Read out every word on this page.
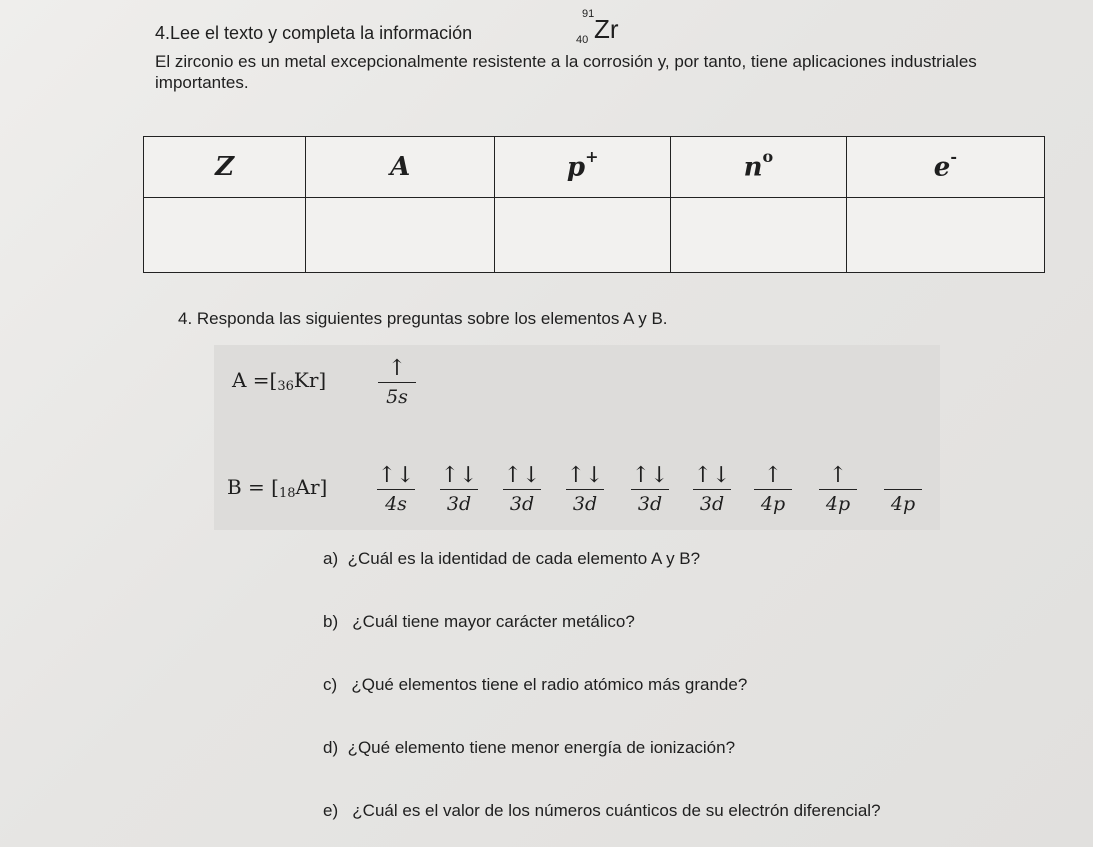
4.Lee el texto y completa la información
91
40 Zr
El zirconio es un metal excepcionalmente resistente a la corrosión y, por tanto, tiene aplicaciones industriales importantes.
Z	A	p+	$n^o$	e-

4. Responda las siguientes preguntas sobre los elementos A y B.
$A =[_{36}Kr]$	↑
5s
$B = [_{18}Ar]$ ↑↓
4s
↑↓
3d
↑↓
3d
↑↓
3d
↑↓
3d
↑↓
3d
↑
4p
↑
4p	4p
a) ¿Cuál es la identidad de cada elemento A y B?
b) ¿Cuál tiene mayor carácter metálico?
c) ¿Qué elementos tiene el radio atómico más grande?
d) ¿Qué elemento tiene menor energía de ionización?
e) ¿Cuál es el valor de los números cuánticos de su electrón diferencial?
